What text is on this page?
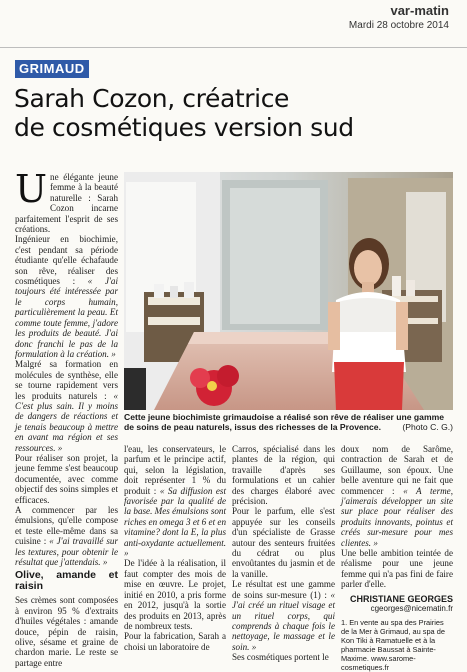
var-matin
Mardi 28 octobre 2014
GRIMAUD
Sarah Cozon, créatrice
de cosmétiques version sud
U ne élégante jeune femme à la beauté naturelle : Sarah Cozon incarne parfaitement l'esprit de ses créations.

Ingénieur en biochimie, c'est pendant sa période étudiante qu'elle échafaude son rêve, réaliser des cosmétiques : « J'ai toujours été intéressée par le corps humain, particulièrement la peau. Et comme toute femme, j'adore les produits de beauté. J'ai donc franchi le pas de la formulation à la création. »

Malgré sa formation en molécules de synthèse, elle se tourne rapidement vers les produits naturels : « C'est plus sain. Il y moins de dangers de réactions et je tenais beaucoup à mettre en avant ma région et ses ressources. »

Pour réaliser son projet, la jeune femme s'est beaucoup documentée, avec comme objectif des soins simples et efficaces.

A commencer par les émulsions, qu'elle compose et teste elle-même dans sa cuisine : « J'ai travaillé sur les textures, pour obtenir le résultat que j'attendais. »

Olive, amande et raisin

Ses crèmes sont composées à environ 95 % d'extraits d'huiles végétales : amande douce, pépin de raisin, olive, sésame et graine de chardon marie. Le reste se partage entre

Cette jeune biochimiste grimaudoise a réalisé son rêve de réaliser une gamme de soins de peau naturels, issus des richesses de la Provence. (Photo C. G.)

l'eau, les conservateurs, le parfum et le principe actif, qui, selon la législation, doit représenter 1 % du produit : « Sa diffusion est favorisée par la qualité de la base. Mes émulsions sont riches en omega 3 et 6 et en vitamine? dont la E, la plus anti-oxydante actuellement. »

De l'idée à la réalisation, il faut compter des mois de mise en œuvre. Le projet, initié en 2010, a pris forme en 2012, jusqu'à la sortie des produits en 2013, après de nombreux tests.

Pour la fabrication, Sarah a choisi un laboratoire de

Carros, spécialisé dans les plantes de la région, qui travaille d'après ses formulations et un cahier des charges élaboré avec précision.

Pour le parfum, elle s'est appuyée sur les conseils d'un spécialiste de Grasse autour des senteurs fruitées du cédrat ou plus envoûtantes du jasmin et de la vanille.

Le résultat est une gamme de soins sur-mesure (1) : « J'ai créé un rituel visage et un rituel corps, qui comprends à chaque fois le nettoyage, le massage et le soin. »

Ses cosmétiques portent le

doux nom de Sarôme, contraction de Sarah et de Guillaume, son époux. Une belle aventure qui ne fait que commencer : « A terme, j'aimerais développer un site sur place pour réaliser des produits innovants, pointus et créés sur-mesure pour mes clientes. »

Une belle ambition teintée de réalisme pour une jeune femme qui n'a pas fini de faire parler d'elle.

CHRISTIANE GEORGES
cgeorges@nicematin.fr
1. En vente au spa des Prairies de la Mer à Grimaud, au spa de Kon Tiki à Ramatuelle et à la pharmacie Baussat à Sainte-Maxime. www.sarome-cosmetiques.fr
